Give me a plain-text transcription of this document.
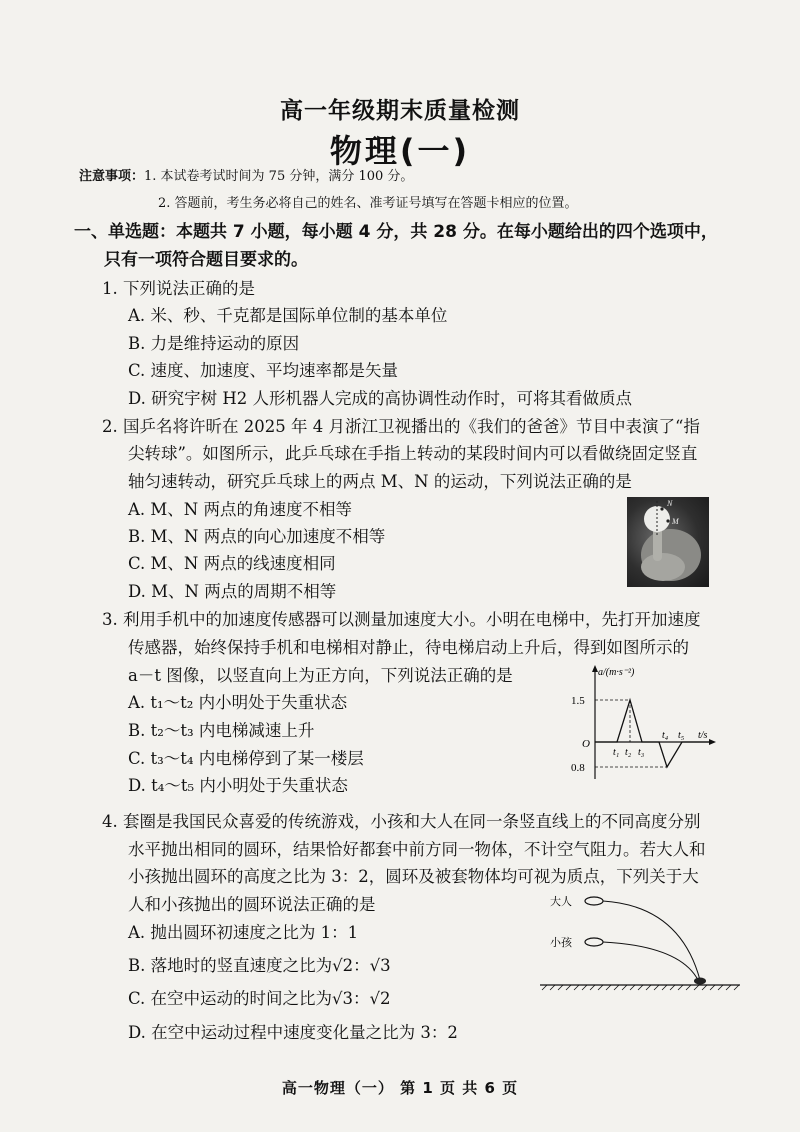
高一年级期末质量检测
物理(一)
注意事项：1. 本试卷考试时间为 75 分钟，满分 100 分。
2. 答题前，考生务必将自己的姓名、准考证号填写在答题卡相应的位置。
一、单选题：本题共 7 小题，每小题 4 分，共 28 分。在每小题给出的四个选项中，
只有一项符合题目要求的。
1. 下列说法正确的是
A. 米、秒、千克都是国际单位制的基本单位
B. 力是维持运动的原因
C. 速度、加速度、平均速率都是矢量
D. 研究宇树 H2 人形机器人完成的高协调性动作时，可将其看做质点
2. 国乒名将许昕在 2025 年 4 月浙江卫视播出的《我们的爸爸》节目中表演了“指
尖转球”。如图所示，此乒乓球在手指上转动的某段时间内可以看做绕固定竖直
轴匀速转动，研究乒乓球上的两点 M、N 的运动，下列说法正确的是
A. M、N 两点的角速度不相等
B. M、N 两点的向心加速度不相等
C. M、N 两点的线速度相同
D. M、N 两点的周期不相等
N
M
3. 利用手机中的加速度传感器可以测量加速度大小。小明在电梯中，先打开加速度
传感器，始终保持手机和电梯相对静止，待电梯启动上升后，得到如图所示的
a－t 图像，以竖直向上为正方向，下列说法正确的是
A. t₁～t₂ 内小明处于失重状态
B. t₂～t₃ 内电梯减速上升
C. t₃～t₄ 内电梯停到了某一楼层
D. t₄～t₅ 内小明处于失重状态
a/(m·s⁻²)
t/s
1.5
0.8
O
t₁ t₂ t₃
t₄ t₅
4. 套圈是我国民众喜爱的传统游戏，小孩和大人在同一条竖直线上的不同高度分别
水平抛出相同的圆环，结果恰好都套中前方同一物体，不计空气阻力。若大人和
小孩抛出圆环的高度之比为 3：2，圆环及被套物体均可视为质点，下列关于大
人和小孩抛出的圆环说法正确的是
A. 抛出圆环初速度之比为 1：1
B. 落地时的竖直速度之比为√2：√3
C. 在空中运动的时间之比为√3：√2
D. 在空中运动过程中速度变化量之比为 3：2
大人
小孩
高一物理（一） 第 1 页 共 6 页
